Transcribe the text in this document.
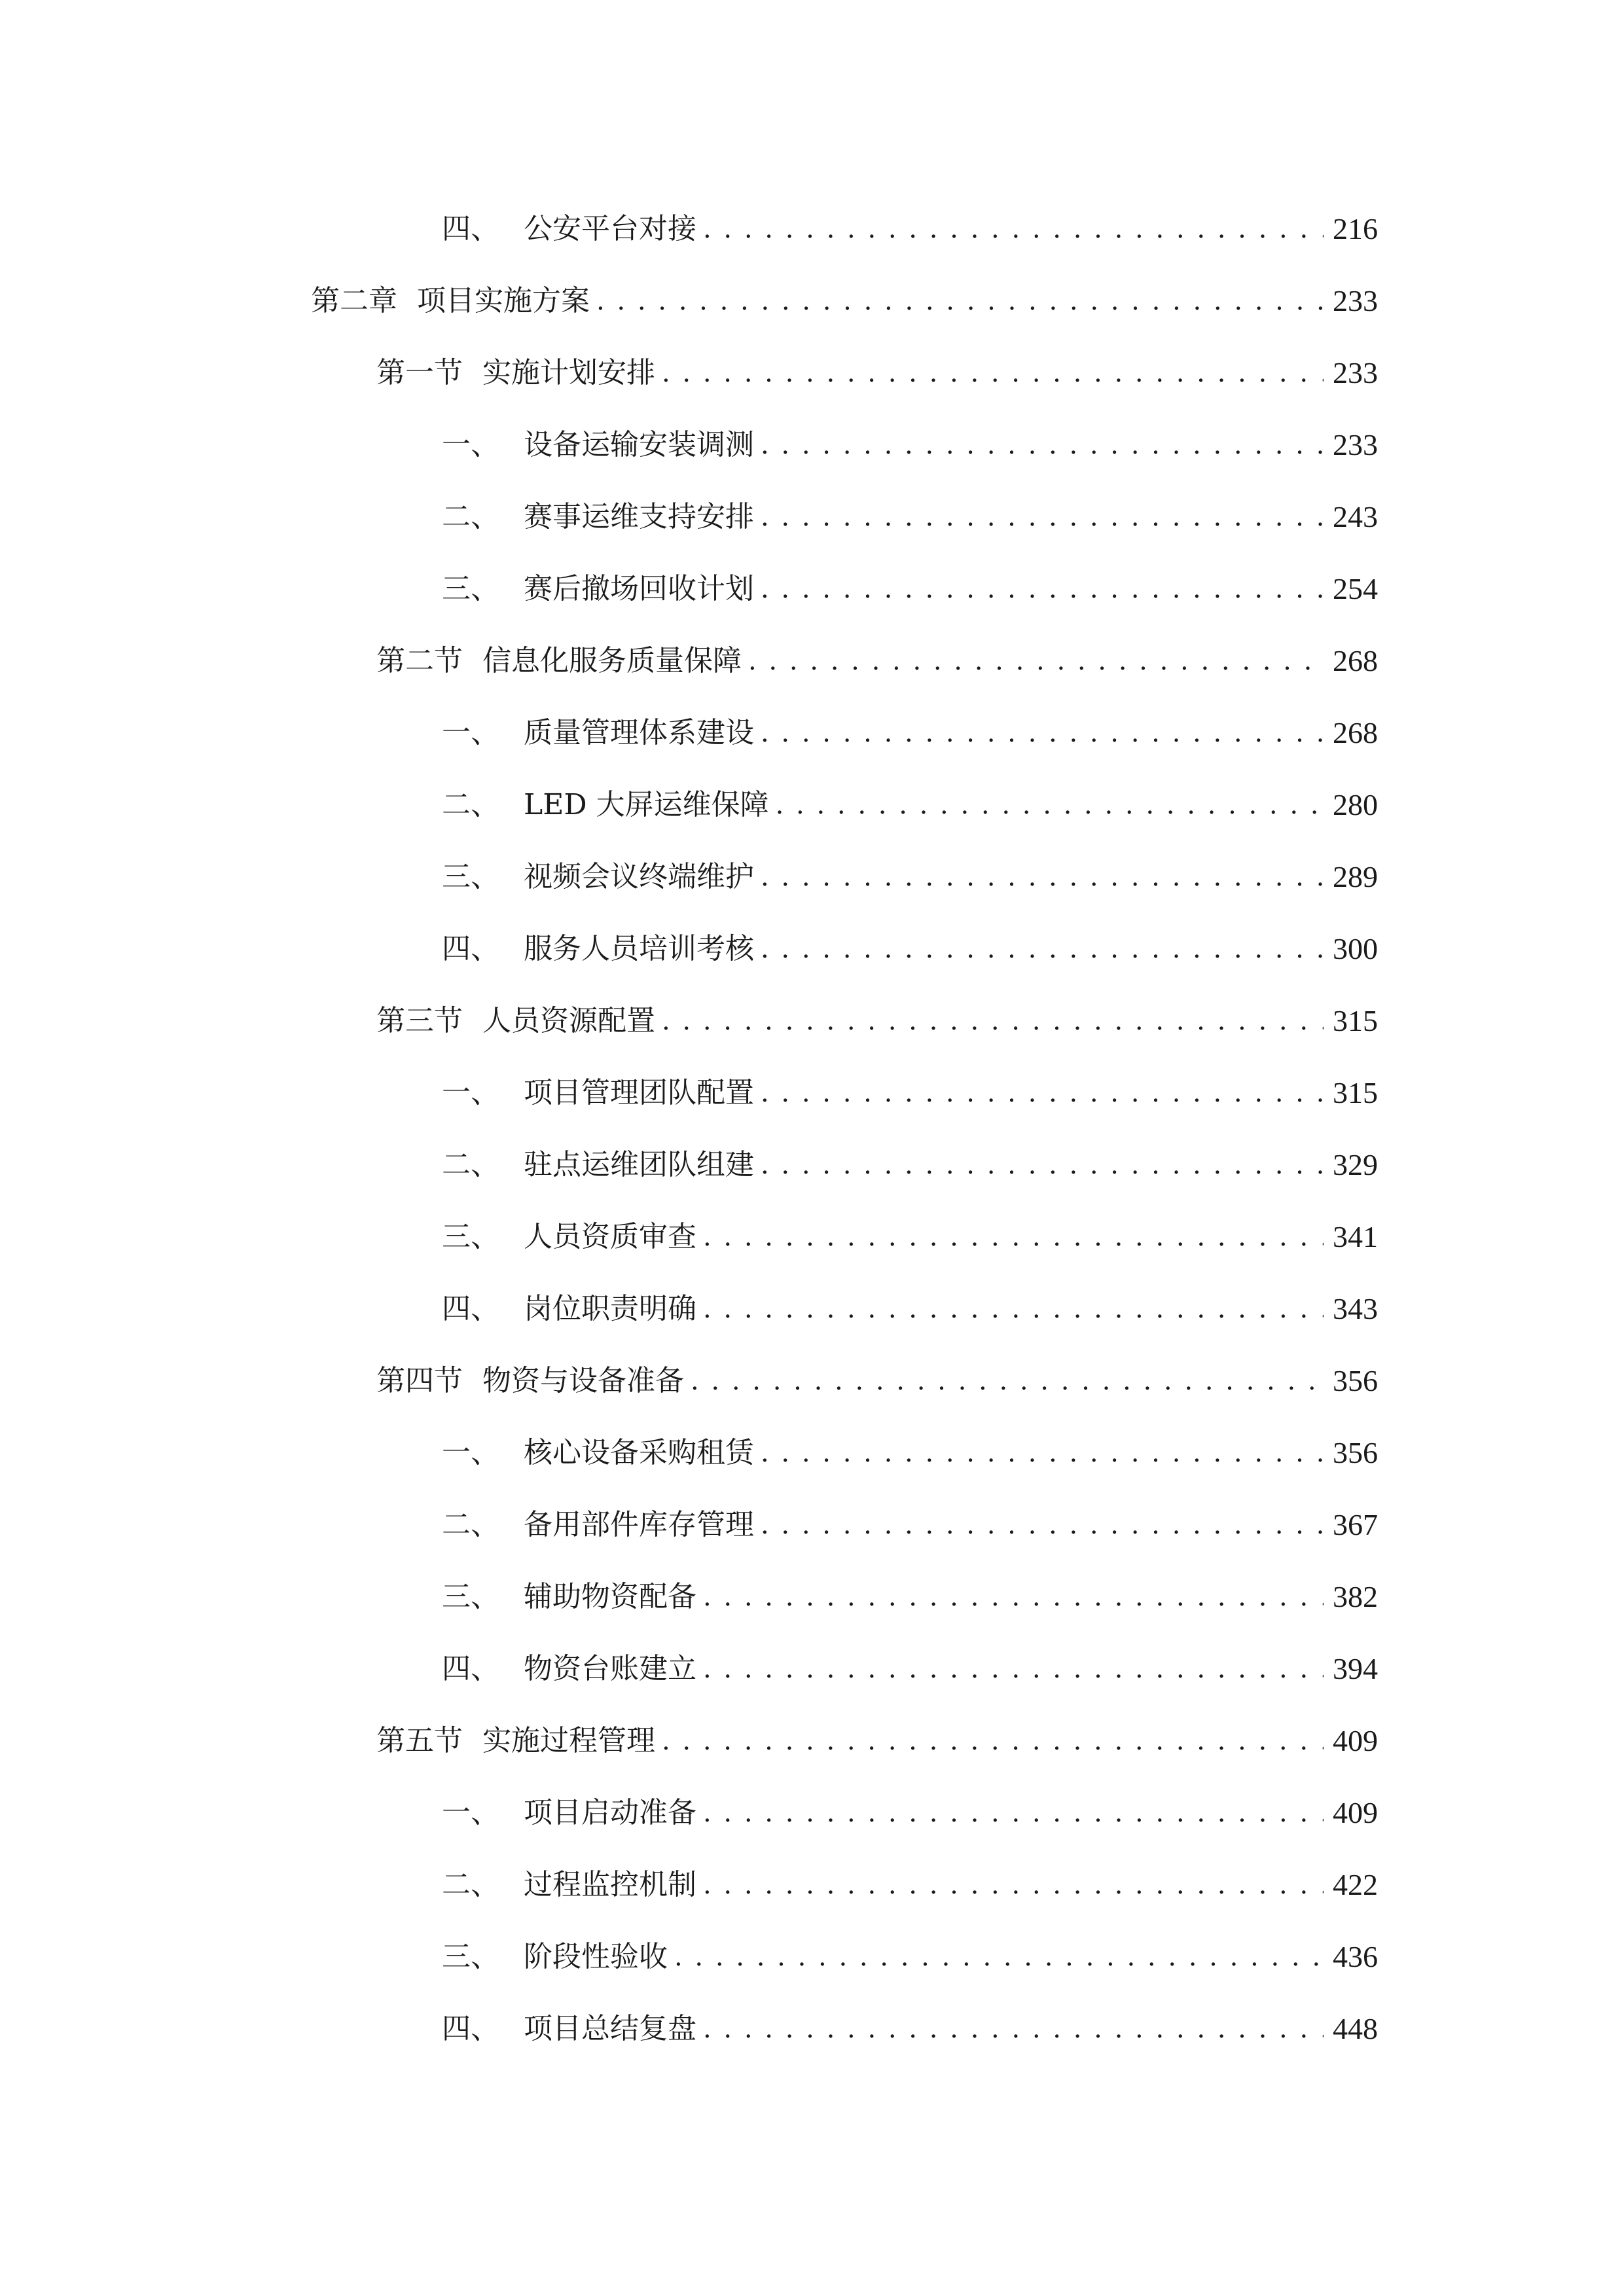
四、 公安平台对接 . . .	216
第二章 项目实施方案 . . .	233
第一节 实施计划安排 . . .	233
一、 设备运输安装调测 . . .	233
二、 赛事运维支持安排 . . .	243
三、 赛后撤场回收计划 . . .	254
第二节 信息化服务质量保障 . . .	268
一、 质量管理体系建设 . . .	268
二、 LED 大屏运维保障 . . .	280
三、 视频会议终端维护 . . .	289
四、 服务人员培训考核 . . .	300
第三节 人员资源配置 . . .	315
一、 项目管理团队配置 . . .	315
二、 驻点运维团队组建 . . .	329
三、 人员资质审查 . . .	341
四、 岗位职责明确 . . .	343
第四节 物资与设备准备 . . .	356
一、 核心设备采购租赁 . . .	356
二、 备用部件库存管理 . . .	367
三、 辅助物资配备 . . .	382
四、 物资台账建立 . . .	394
第五节 实施过程管理 . . .	409
一、 项目启动准备 . . .	409
二、 过程监控机制 . . .	422
三、 阶段性验收 . . .	436
四、 项目总结复盘 . . .	448
